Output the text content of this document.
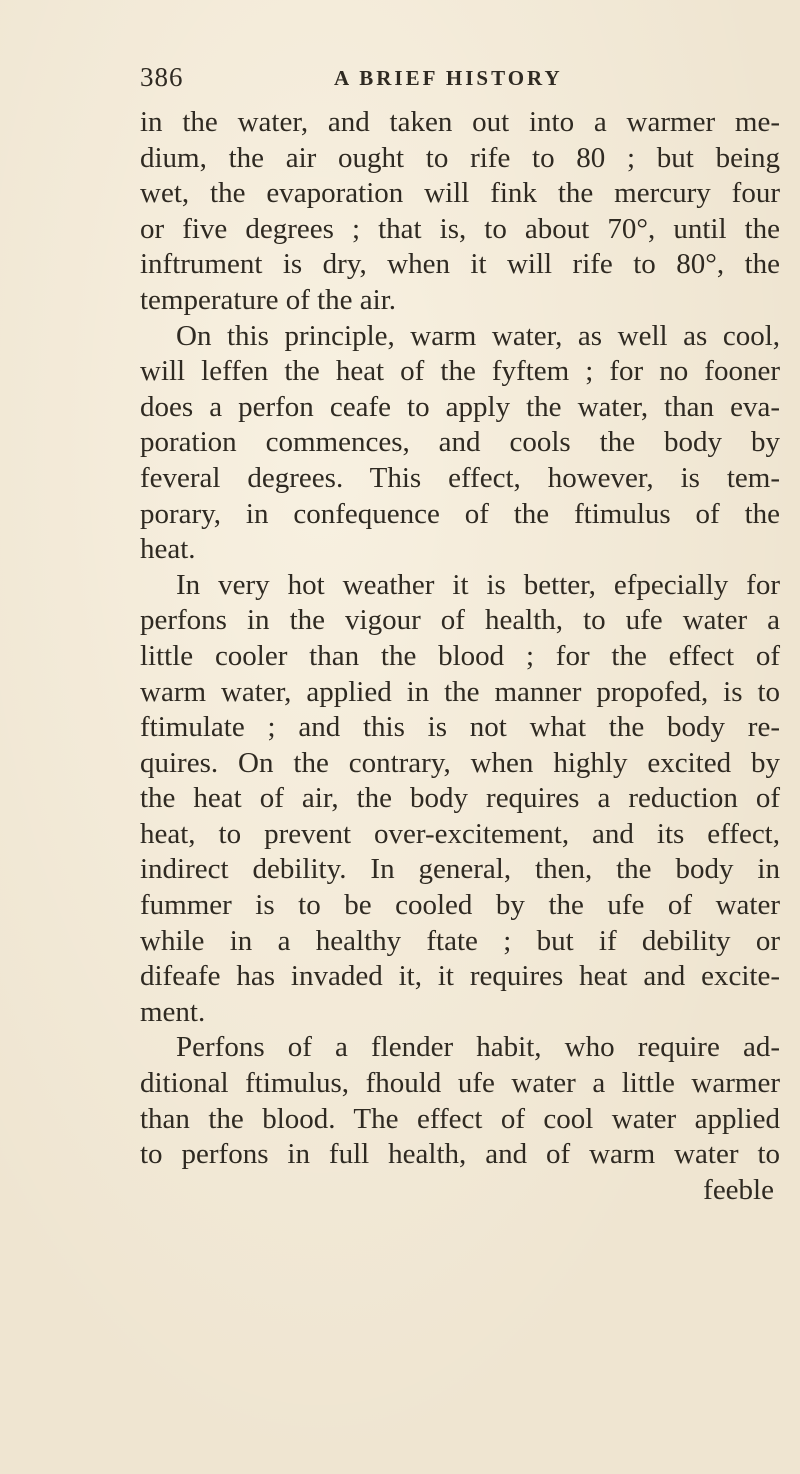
386	A BRIEF HISTORY
in the water, and taken out into a warmer me-
dium, the air ought to rife to 80 ; but being
wet, the evaporation will fink the mercury four
or five degrees ; that is, to about 70°, until the
inftrument is dry, when it will rife to 80°, the
temperature of the air.
On this principle, warm water, as well as cool,
will leffen the heat of the fyftem ; for no fooner
does a perfon ceafe to apply the water, than eva-
poration commences, and cools the body by
feveral degrees. This effect, however, is tem-
porary, in confequence of the ftimulus of the
heat.
In very hot weather it is better, efpecially for
perfons in the vigour of health, to ufe water a
little cooler than the blood ; for the effect of
warm water, applied in the manner propofed, is to
ftimulate ; and this is not what the body re-
quires. On the contrary, when highly excited by
the heat of air, the body requires a reduction of
heat, to prevent over-excitement, and its effect,
indirect debility. In general, then, the body in
fummer is to be cooled by the ufe of water
while in a healthy ftate ; but if debility or
difeafe has invaded it, it requires heat and excite-
ment.
Perfons of a flender habit, who require ad-
ditional ftimulus, fhould ufe water a little warmer
than the blood. The effect of cool water applied
to perfons in full health, and of warm water to
feeble
